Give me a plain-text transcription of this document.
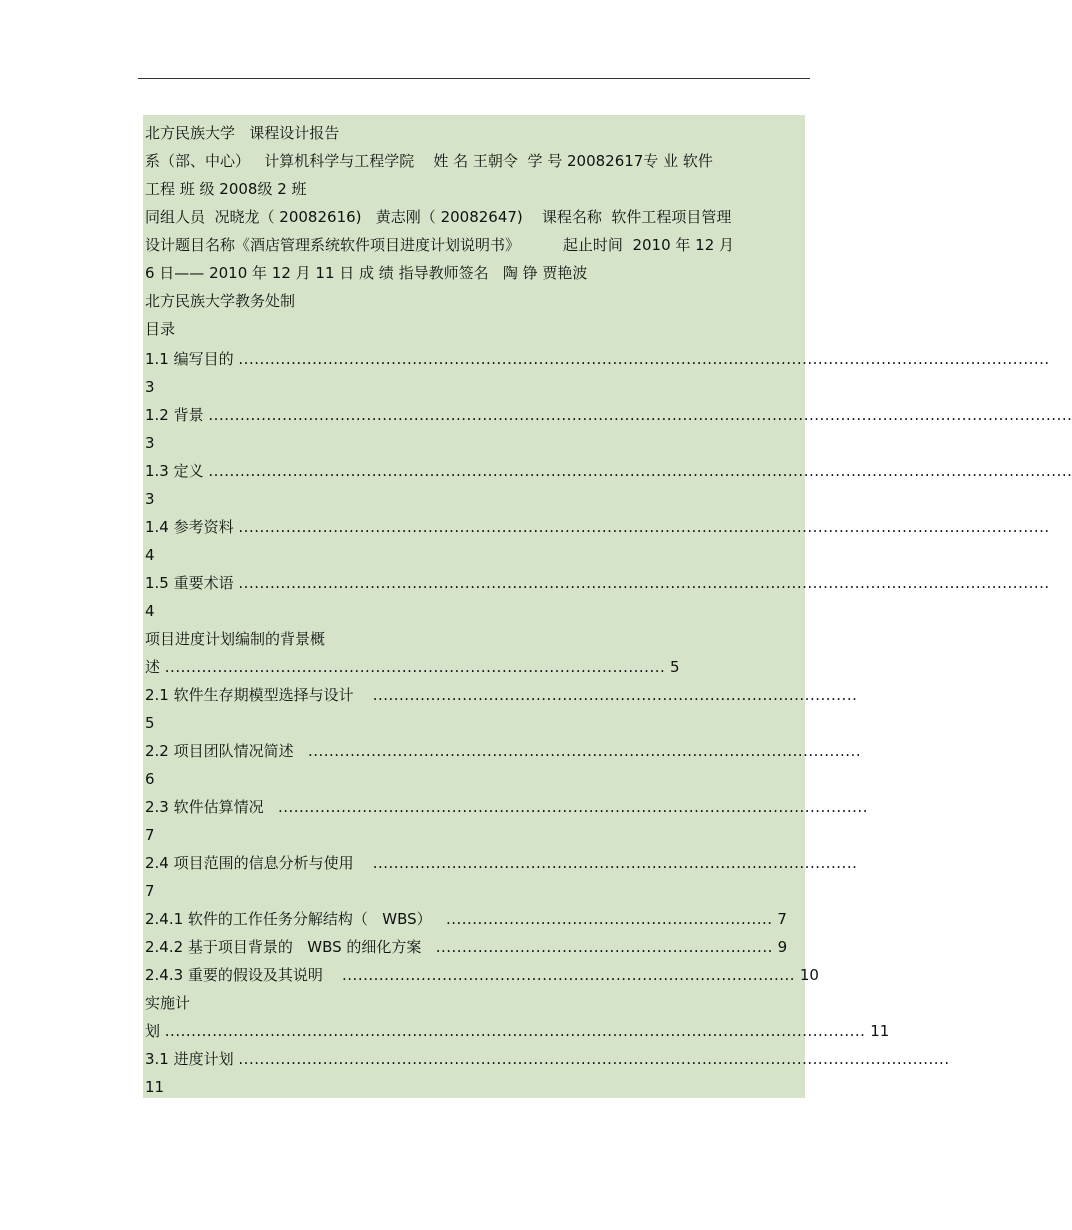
北方民族大学   课程设计报告
系（部、中心）   计算机科学与工程学院    姓 名 王朝令  学 号 20082617专 业 软件
工程 班 级 2008级 2 班
同组人员  况晓龙（ 20082616)   黄志刚（ 20082647)    课程名称  软件工程项目管理
设计题目名称《酒店管理系统软件项目进度计划说明书》         起止时间  2010 年 12 月
6 日—— 2010 年 12 月 11 日 成 绩 指导教师签名   陶 铮 贾艳波
北方民族大学教务处制
目录
1.1 编写目的 ..........................................................................................................................................................
3
1.2 背景 ....................................................................................................................................................................
3
1.3 定义 ....................................................................................................................................................................
3
1.4 参考资料 ..........................................................................................................................................................
4
1.5 重要术语 ..........................................................................................................................................................
4
项目进度计划编制的背景概
述 ............................................................................................... 5
2.1 软件生存期模型选择与设计    ............................................................................................
5
2.2 项目团队情况简述   .........................................................................................................
6
2.3 软件估算情况   ................................................................................................................
7
2.4 项目范围的信息分析与使用    ............................................................................................
7
2.4.1 软件的工作任务分解结构（   WBS）   .............................................................. 7
2.4.2 基于项目背景的   WBS 的细化方案   ................................................................ 9
2.4.3 重要的假设及其说明    ...................................................................................... 10
实施计
划 ..................................................................................................................................... 11
3.1 进度计划 .......................................................................................................................................
11
